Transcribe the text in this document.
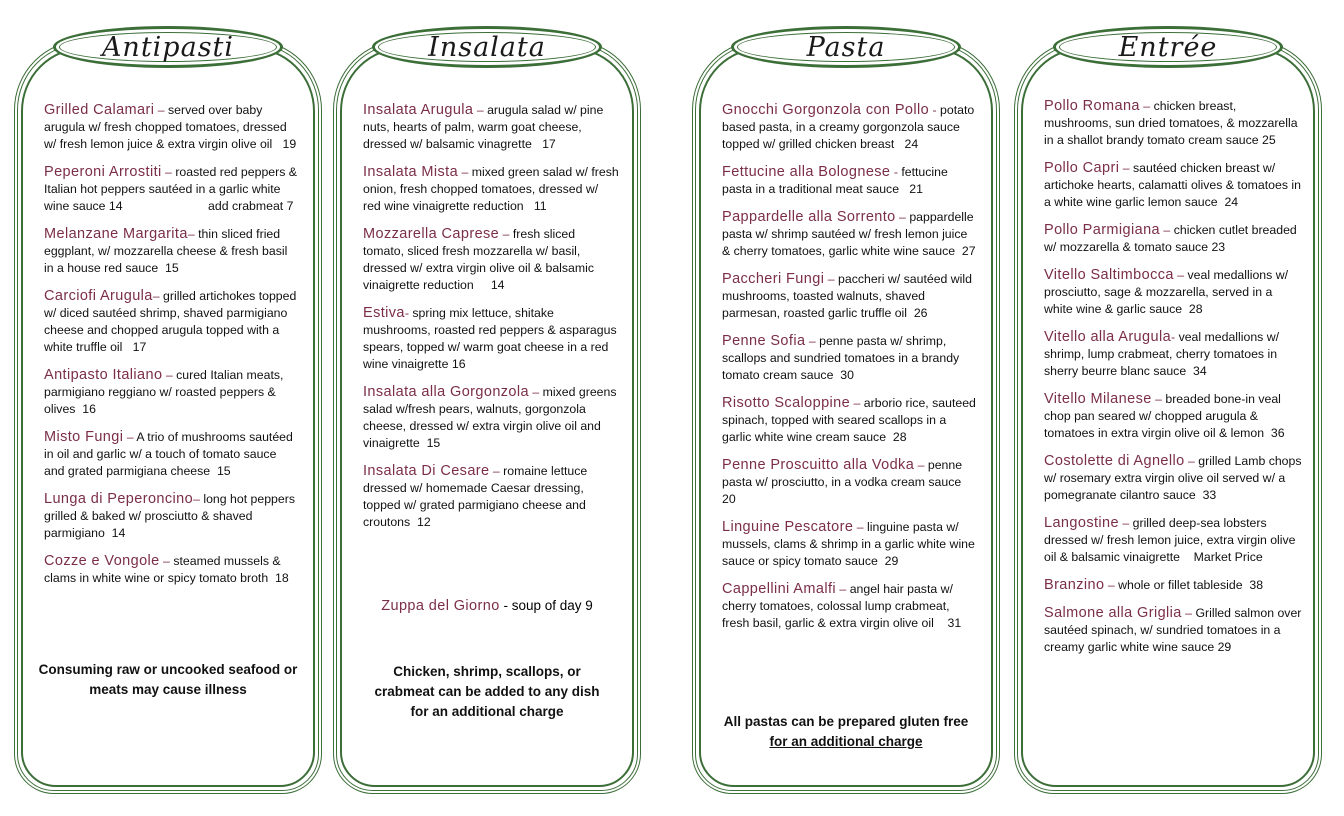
Antipasti
Grilled Calamari – served over baby arugula w/ fresh chopped tomatoes, dressed w/ fresh lemon juice & extra virgin olive oil   19
Peperoni Arrostiti – roasted red peppers & Italian hot peppers sautéed in a garlic white wine sauce 14                         add crabmeat 7
Melanzane Margarita– thin sliced fried eggplant, w/ mozzarella cheese & fresh basil in a house red sauce  15
Carciofi Arugula– grilled artichokes topped w/ diced sautéed shrimp, shaved parmigiano cheese and chopped arugula topped with a white truffle oil   17
Antipasto Italiano – cured Italian meats, parmigiano reggiano w/ roasted peppers & olives  16
Misto Fungi – A trio of mushrooms sautéed in oil and garlic w/ a touch of tomato sauce and grated parmigiana cheese  15
Lunga di Peperoncino– long hot peppers grilled & baked w/ prosciutto & shaved parmigiano  14
Cozze e Vongole – steamed mussels & clams in white wine or spicy tomato broth  18
Consuming raw or uncooked seafood or meats may cause illness
Insalata
Insalata Arugula – arugula salad w/ pine nuts, hearts of palm, warm goat cheese, dressed w/ balsamic vinagrette   17
Insalata Mista – mixed green salad w/ fresh onion, fresh chopped tomatoes, dressed w/ red wine vinaigrette reduction   11
Mozzarella Caprese – fresh sliced tomato, sliced fresh mozzarella w/ basil, dressed w/ extra virgin olive oil & balsamic vinaigrette reduction     14
Estiva- spring mix lettuce, shitake mushrooms, roasted red peppers & asparagus spears, topped w/ warm goat cheese in a red wine vinaigrette 16
Insalata alla Gorgonzola – mixed greens salad w/fresh pears, walnuts, gorgonzola cheese, dressed w/ extra virgin olive oil and vinaigrette  15
Insalata Di Cesare – romaine lettuce dressed w/ homemade Caesar dressing, topped w/ grated parmigiano cheese and croutons  12
Zuppa del Giorno - soup of day 9
Chicken, shrimp, scallops, or crabmeat can be added to any dish for an additional charge
Pasta
Gnocchi Gorgonzola con Pollo - potato based pasta, in a creamy gorgonzola sauce topped w/ grilled chicken breast   24
Fettucine alla Bolognese - fettucine pasta in a traditional meat sauce   21
Pappardelle alla Sorrento – pappardelle pasta w/ shrimp sautéed w/ fresh lemon juice & cherry tomatoes, garlic white wine sauce  27
Paccheri Fungi – paccheri w/ sautéed wild mushrooms, toasted walnuts, shaved parmesan, roasted garlic truffle oil  26
Penne Sofia – penne pasta w/ shrimp, scallops and sundried tomatoes in a brandy tomato cream sauce  30
Risotto Scaloppine – arborio rice, sauteed spinach, topped with seared scallops in a garlic white wine cream sauce  28
Penne Proscuitto alla Vodka – penne pasta w/ prosciutto, in a vodka cream sauce  20
Linguine Pescatore – linguine pasta w/ mussels, clams & shrimp in a garlic white wine sauce or spicy tomato sauce  29
Cappellini Amalfi – angel hair pasta w/ cherry tomatoes, colossal lump crabmeat, fresh basil, garlic & extra virgin olive oil    31
All pastas can be prepared gluten free
for an additional charge
Entrée
Pollo Romana – chicken breast, mushrooms, sun dried tomatoes, & mozzarella in a shallot brandy tomato cream sauce 25
Pollo Capri – sautéed chicken breast w/ artichoke hearts, calamatti olives & tomatoes in a white wine garlic lemon sauce  24
Pollo Parmigiana – chicken cutlet breaded w/ mozzarella & tomato sauce 23
Vitello Saltimbocca – veal medallions w/ prosciutto, sage & mozzarella, served in a white wine & garlic sauce  28
Vitello alla Arugula- veal medallions w/ shrimp, lump crabmeat, cherry tomatoes in sherry beurre blanc sauce  34
Vitello Milanese – breaded bone-in veal chop pan seared w/ chopped arugula & tomatoes in extra virgin olive oil & lemon  36
Costolette di Agnello – grilled Lamb chops w/ rosemary extra virgin olive oil served w/ a pomegranate cilantro sauce  33
Langostine – grilled deep-sea lobsters dressed w/ fresh lemon juice, extra virgin olive oil & balsamic vinaigrette    Market Price
Branzino – whole or fillet tableside  38
Salmone alla Griglia – Grilled salmon over sautéed spinach, w/ sundried tomatoes in a creamy garlic white wine sauce 29
